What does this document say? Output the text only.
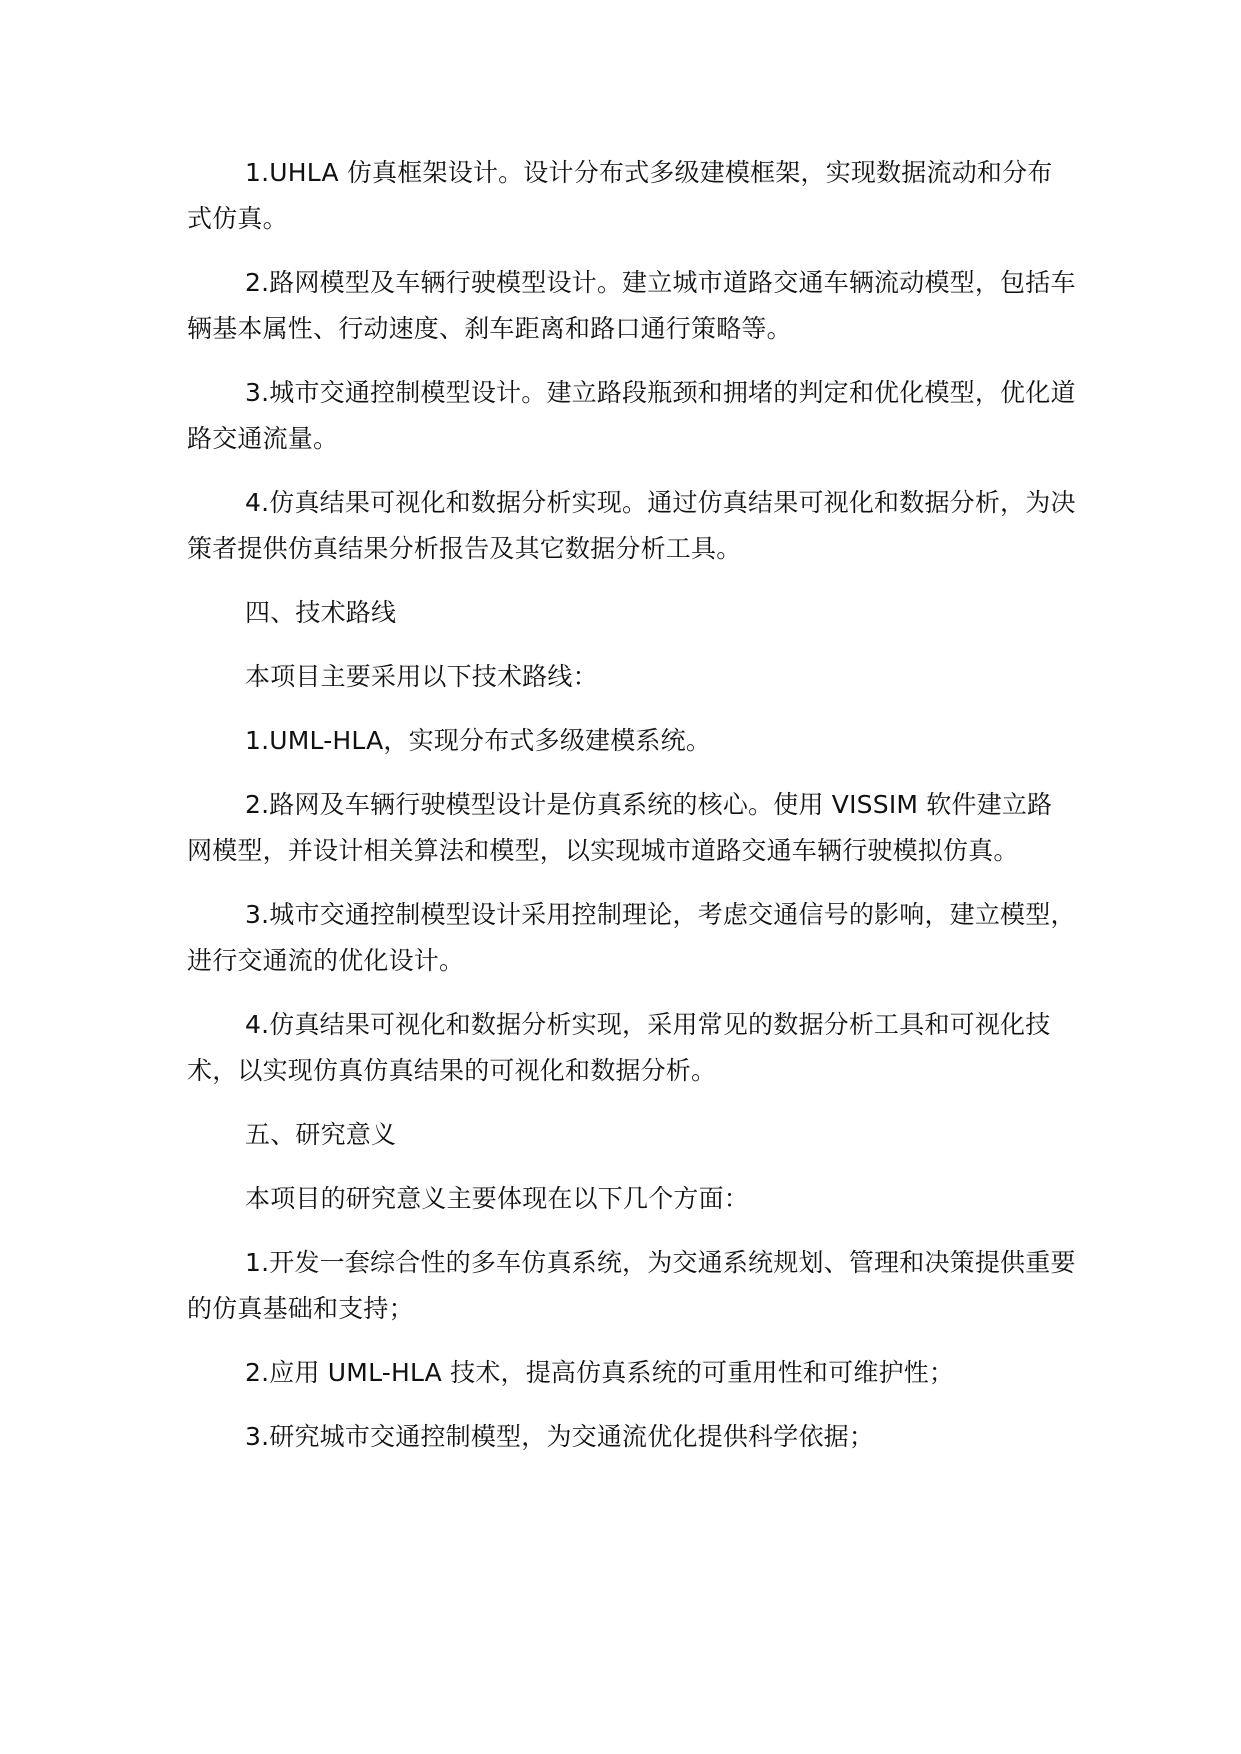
1.UHLA 仿真框架设计。设计分布式多级建模框架，实现数据流动和分布式仿真。

2.路网模型及车辆行驶模型设计。建立城市道路交通车辆流动模型，包括车辆基本属性、行动速度、刹车距离和路口通行策略等。

3.城市交通控制模型设计。建立路段瓶颈和拥堵的判定和优化模型，优化道路交通流量。

4.仿真结果可视化和数据分析实现。通过仿真结果可视化和数据分析，为决策者提供仿真结果分析报告及其它数据分析工具。

四、技术路线

本项目主要采用以下技术路线：

1.UML-HLA，实现分布式多级建模系统。

2.路网及车辆行驶模型设计是仿真系统的核心。使用 VISSIM 软件建立路网模型，并设计相关算法和模型，以实现城市道路交通车辆行驶模拟仿真。

3.城市交通控制模型设计采用控制理论，考虑交通信号的影响，建立模型，进行交通流的优化设计。

4.仿真结果可视化和数据分析实现，采用常见的数据分析工具和可视化技术，以实现仿真仿真结果的可视化和数据分析。

五、研究意义

本项目的研究意义主要体现在以下几个方面：

1.开发一套综合性的多车仿真系统，为交通系统规划、管理和决策提供重要的仿真基础和支持；

2.应用 UML-HLA 技术，提高仿真系统的可重用性和可维护性；

3.研究城市交通控制模型，为交通流优化提供科学依据；
